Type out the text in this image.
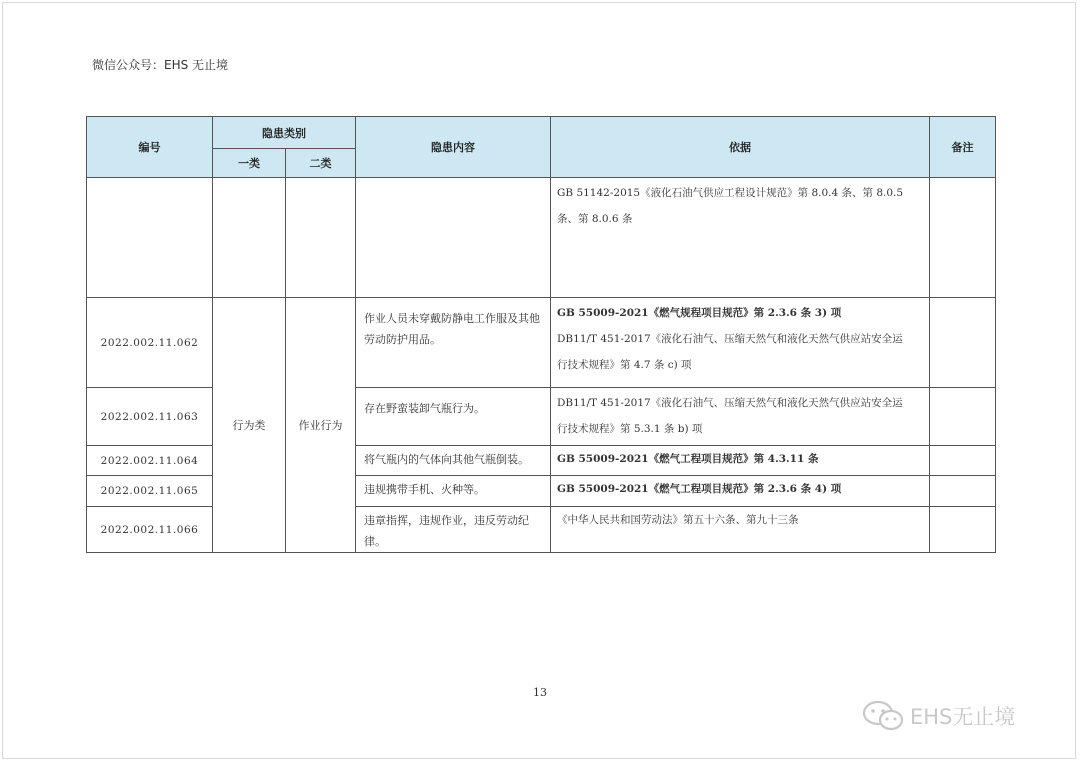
微信公众号：EHS 无止境
编号	隐患类别		隐患内容	依据	备注
	一类	二类			

				GB 51142-2015《液化石油气供应工程设计规范》第 8.0.4 条、第 8.0.5
条、第 8.0.6 条	

2022.002.11.062	行为类	作业行为	作业人员未穿戴防静电工作服及其他劳动防护用品。	GB 55009-2021《燃气规程项目规范》第 2.3.6 条 3) 项
DB11/T 451-2017《液化石油气、压缩天然气和液化天然气供应站安全运
行技术规程》第 4.7 条 c) 项	

2022.002.11.063			存在野蛮装卸气瓶行为。	DB11/T 451-2017《液化石油气、压缩天然气和液化天然气供应站安全运
行技术规程》第 5.3.1 条 b) 项	

2022.002.11.064			将气瓶内的气体向其他气瓶倒装。	GB 55009-2021《燃气工程项目规范》第 4.3.11 条	

2022.002.11.065			违规携带手机、火种等。	GB 55009-2021《燃气工程项目规范》第 2.3.6 条 4) 项	

2022.002.11.066			违章指挥，违规作业，违反劳动纪律。	《中华人民共和国劳动法》第五十六条、第九十三条	

13
EHS无止境
